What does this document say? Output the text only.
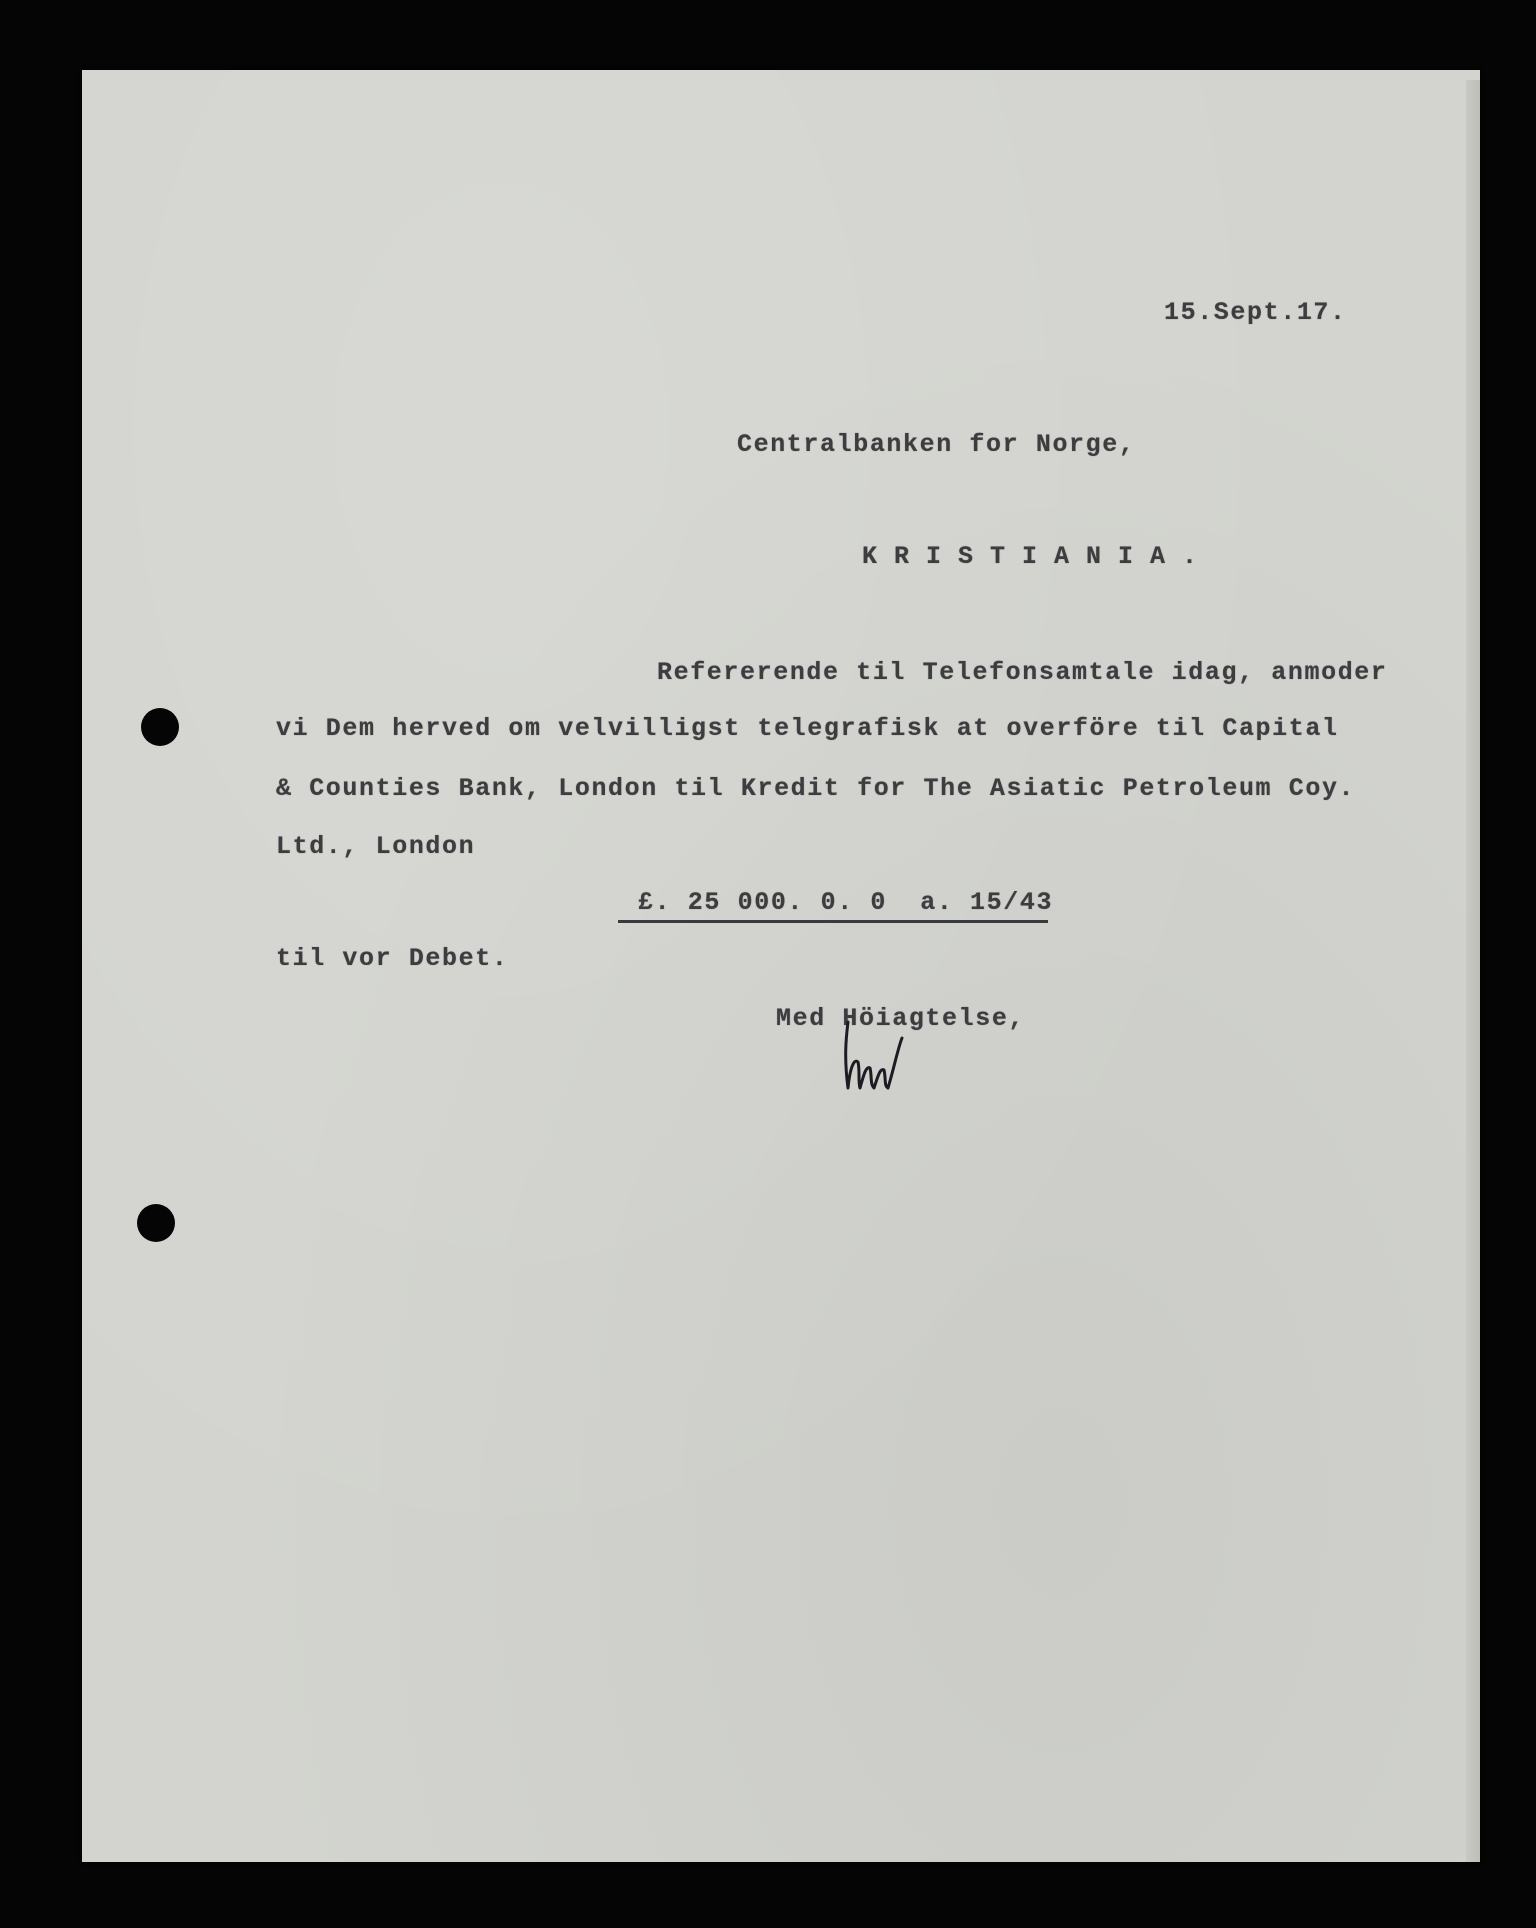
15.Sept.17.

Centralbanken for Norge,

KRISTIANIA.

Refererende til Telefonsamtale idag, anmoder

vi Dem herved om velvilligst telegrafisk at overföre til Capital

& Counties Bank, London til Kredit for The Asiatic Petroleum Coy.

Ltd., London

£. 25 000. 0. 0  a. 15/43

til vor Debet.

Med Höiagtelse,
